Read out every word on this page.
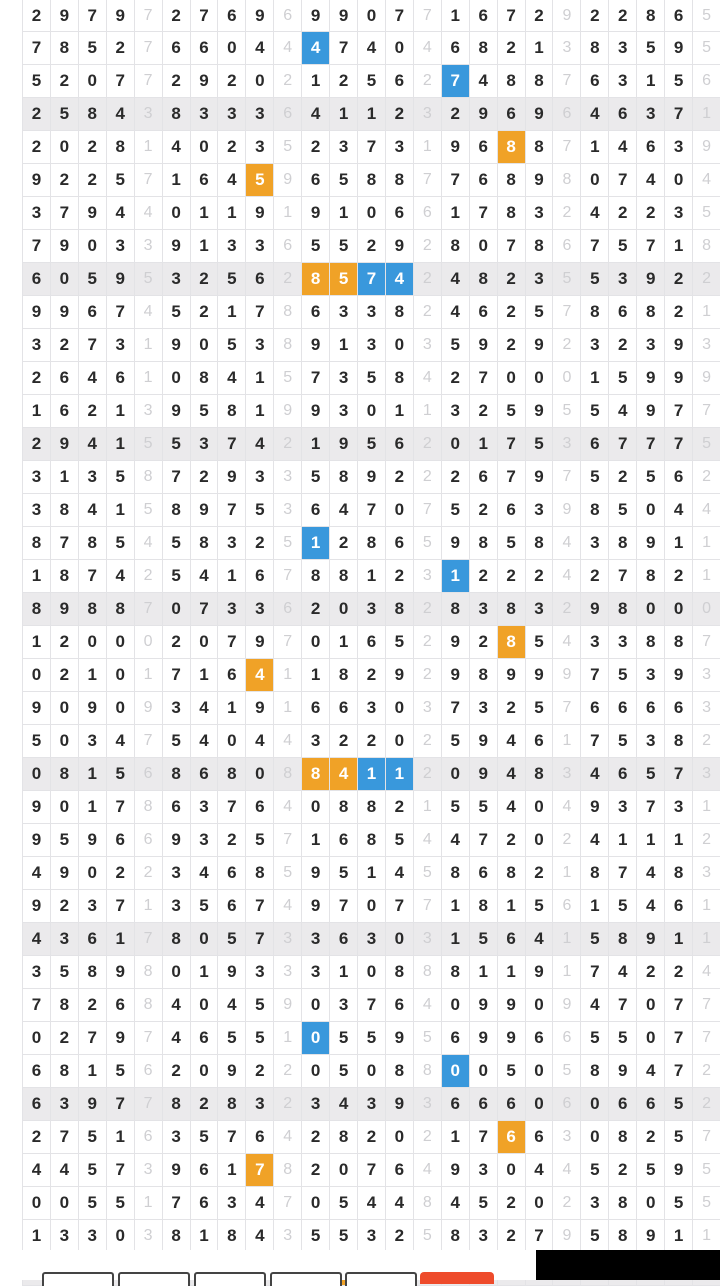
2	9	7	9	7	2	7	6	9	6	9	9	0	7	7	1	6	7	2	9	2	2	8	6	5
7	8	5	2	7	6	6	0	4	4	4	7	4	0	4	6	8	2	1	3	8	3	5	9	5
5	2	0	7	7	2	9	2	0	2	1	2	5	6	2	7	4	8	8	7	6	3	1	5	6
2	5	8	4	3	8	3	3	3	6	4	1	1	2	3	2	9	6	9	6	4	6	3	7	1
2	0	2	8	1	4	0	2	3	5	2	3	7	3	1	9	6	8	8	7	1	4	6	3	9
9	2	2	5	7	1	6	4	5	9	6	5	8	8	7	7	6	8	9	8	0	7	4	0	4
3	7	9	4	4	0	1	1	9	1	9	1	0	6	6	1	7	8	3	2	4	2	2	3	5
7	9	0	3	3	9	1	3	3	6	5	5	2	9	2	8	0	7	8	6	7	5	7	1	8
6	0	5	9	5	3	2	5	6	2	8	5	7	4	2	4	8	2	3	5	5	3	9	2	2
9	9	6	7	4	5	2	1	7	8	6	3	3	8	2	4	6	2	5	7	8	6	8	2	1
3	2	7	3	1	9	0	5	3	8	9	1	3	0	3	5	9	2	9	2	3	2	3	9	3
2	6	4	6	1	0	8	4	1	5	7	3	5	8	4	2	7	0	0	0	1	5	9	9	9
1	6	2	1	3	9	5	8	1	9	9	3	0	1	1	3	2	5	9	5	5	4	9	7	7
2	9	4	1	5	5	3	7	4	2	1	9	5	6	2	0	1	7	5	3	6	7	7	7	5
3	1	3	5	8	7	2	9	3	3	5	8	9	2	2	2	6	7	9	7	5	2	5	6	2
3	8	4	1	5	8	9	7	5	3	6	4	7	0	7	5	2	6	3	9	8	5	0	4	4
8	7	8	5	4	5	8	3	2	5	1	2	8	6	5	9	8	5	8	4	3	8	9	1	1
1	8	7	4	2	5	4	1	6	7	8	8	1	2	3	1	2	2	2	4	2	7	8	2	1
8	9	8	8	7	0	7	3	3	6	2	0	3	8	2	8	3	8	3	2	9	8	0	0	0
1	2	0	0	0	2	0	7	9	7	0	1	6	5	2	9	2	8	5	4	3	3	8	8	7
0	2	1	0	1	7	1	6	4	1	1	8	2	9	2	9	8	9	9	9	7	5	3	9	3
9	0	9	0	9	3	4	1	9	1	6	6	3	0	3	7	3	2	5	7	6	6	6	6	3
5	0	3	4	7	5	4	0	4	4	3	2	2	0	2	5	9	4	6	1	7	5	3	8	2
0	8	1	5	6	8	6	8	0	8	8	4	1	1	2	0	9	4	8	3	4	6	5	7	3
9	0	1	7	8	6	3	7	6	4	0	8	8	2	1	5	5	4	0	4	9	3	7	3	1
9	5	9	6	6	9	3	2	5	7	1	6	8	5	4	4	7	2	0	2	4	1	1	1	2
4	9	0	2	2	3	4	6	8	5	9	5	1	4	5	8	6	8	2	1	8	7	4	8	3
9	2	3	7	1	3	5	6	7	4	9	7	0	7	7	1	8	1	5	6	1	5	4	6	1
4	3	6	1	7	8	0	5	7	3	3	6	3	0	3	1	5	6	4	1	5	8	9	1	1
3	5	8	9	8	0	1	9	3	3	3	1	0	8	8	8	1	1	9	1	7	4	2	2	4
7	8	2	6	8	4	0	4	5	9	0	3	7	6	4	0	9	9	0	9	4	7	0	7	7
0	2	7	9	7	4	6	5	5	1	0	5	5	9	5	6	9	9	6	6	5	5	0	7	7
6	8	1	5	6	2	0	9	2	2	0	5	0	8	8	0	0	5	0	5	8	9	4	7	2
6	3	9	7	7	8	2	8	3	2	3	4	3	9	3	6	6	6	0	6	0	6	6	5	2
2	7	5	1	6	3	5	7	6	4	2	8	2	0	2	1	7	6	6	3	0	8	2	5	7
4	4	5	7	3	9	6	1	7	8	2	0	7	6	4	9	3	0	4	4	5	2	5	9	5
0	0	5	5	1	7	6	3	4	7	0	5	4	4	8	4	5	2	0	2	3	8	0	5	5
1	3	3	0	3	8	1	8	4	3	5	5	3	2	5	8	3	2	7	9	5	8	9	1	1
